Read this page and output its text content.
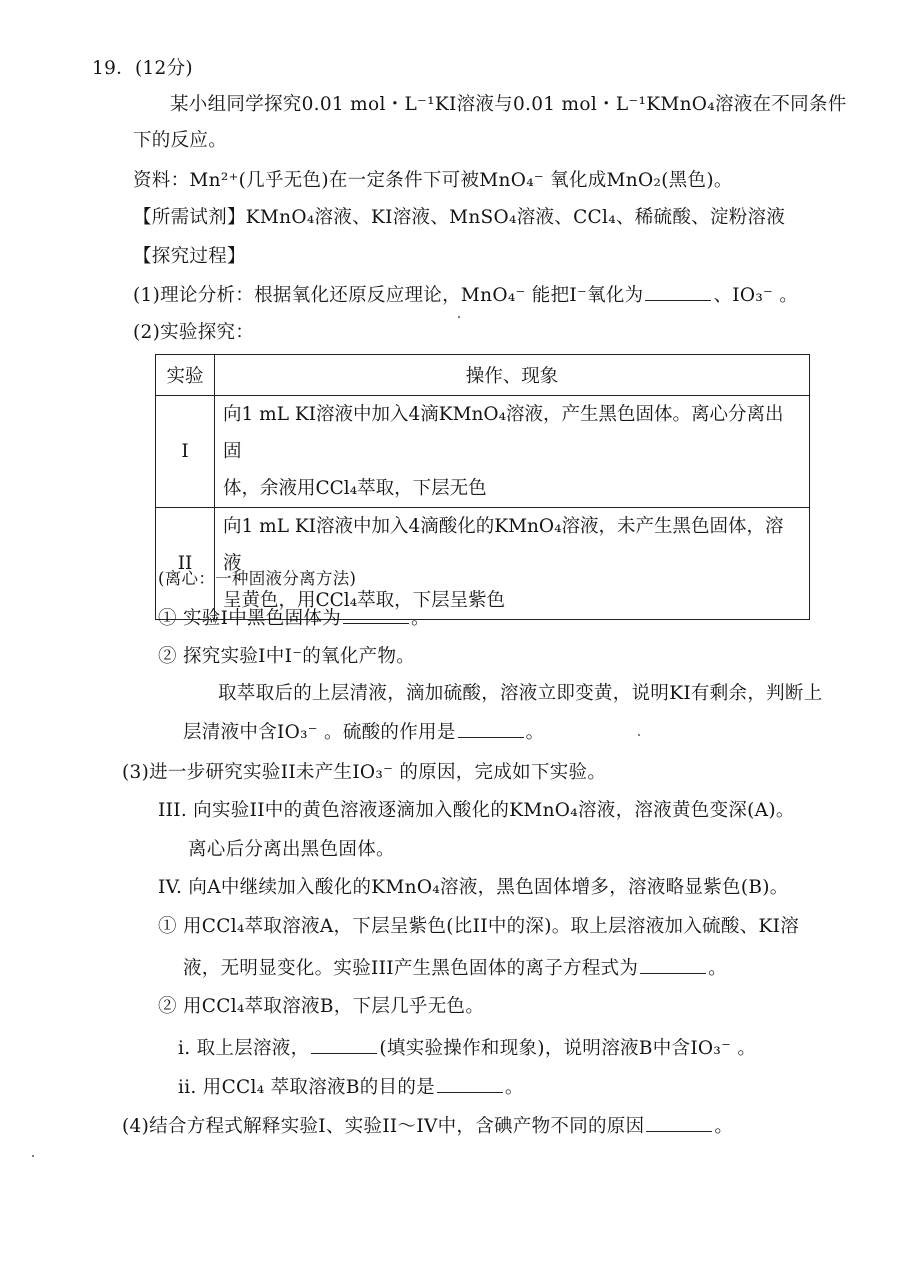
19．(12分)
某小组同学探究0.01 mol・L⁻¹KI溶液与0.01 mol・L⁻¹KMnO₄溶液在不同条件
下的反应。
资料：Mn²⁺(几乎无色)在一定条件下可被MnO₄⁻ 氧化成MnO₂(黑色)。
【所需试剂】KMnO₄溶液、KI溶液、MnSO₄溶液、CCl₄、稀硫酸、淀粉溶液
【探究过程】
(1)理论分析：根据氧化还原反应理论，MnO₄⁻ 能把I⁻氧化为	、IO₃⁻ 。
(2)实验探究：
实验	操作、现象
I	向1 mL KI溶液中加入4滴KMnO₄溶液，产生黑色固体。离心分离出固
体，余液用CCl₄萃取，下层无色

II	向1 mL KI溶液中加入4滴酸化的KMnO₄溶液，未产生黑色固体，溶液
呈黄色，用CCl₄萃取，下层呈紫色
(离心：一种固液分离方法)
① 实验I中黑色固体为	。
② 探究实验I中I⁻的氧化产物。
取萃取后的上层清液，滴加硫酸，溶液立即变黄，说明KI有剩余，判断上
层清液中含IO₃⁻ 。硫酸的作用是	。
(3)进一步研究实验II未产生IO₃⁻ 的原因，完成如下实验。
III. 向实验II中的黄色溶液逐滴加入酸化的KMnO₄溶液，溶液黄色变深(A)。
离心后分离出黑色固体。
IV. 向A中继续加入酸化的KMnO₄溶液，黑色固体增多，溶液略显紫色(B)。
① 用CCl₄萃取溶液A，下层呈紫色(比II中的深)。取上层溶液加入硫酸、KI溶
液，无明显变化。实验III产生黑色固体的离子方程式为	。
② 用CCl₄萃取溶液B，下层几乎无色。
i. 取上层溶液，	(填实验操作和现象)，说明溶液B中含IO₃⁻ 。
ii. 用CCl₄ 萃取溶液B的目的是	。
(4)结合方程式解释实验I、实验II～IV中，含碘产物不同的原因	。
